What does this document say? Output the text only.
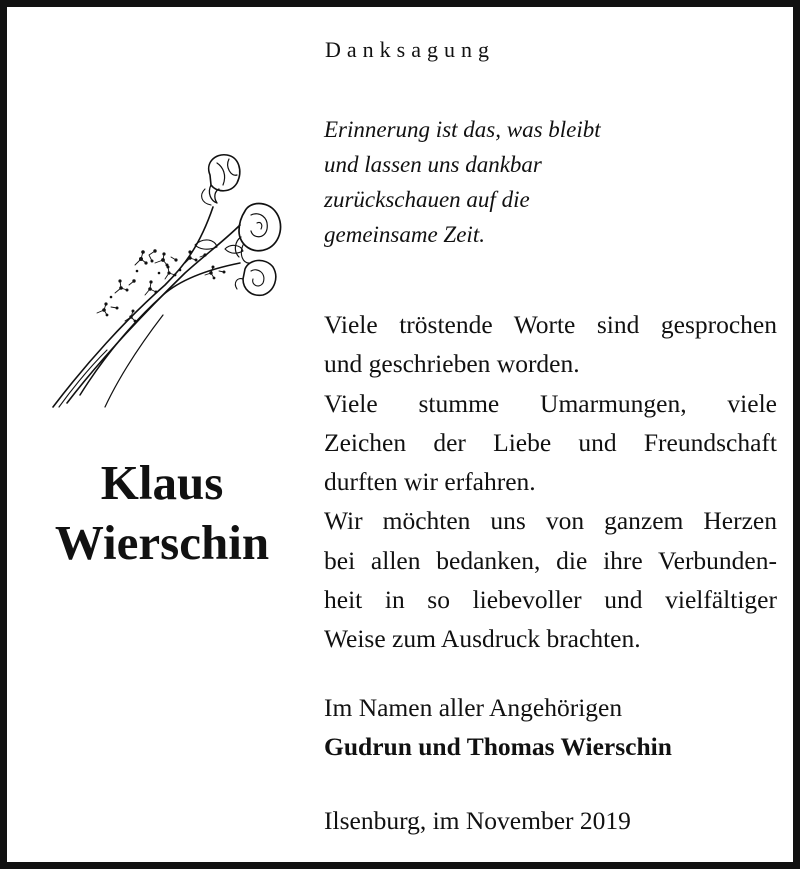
Klaus
Wierschin
Danksagung
Erinnerung ist das, was bleibt
und lassen uns dankbar
zurückschauen auf die
gemeinsame Zeit.
Viele tröstende Worte sind gesprochen
und geschrieben worden.
Viele stumme Umarmungen, viele
Zeichen der Liebe und Freundschaft
durften wir erfahren.
Wir möchten uns von ganzem Herzen
bei allen bedanken, die ihre Verbunden-
heit in so liebevoller und vielfältiger
Weise zum Ausdruck brachten.
Im Namen aller Angehörigen
Gudrun und Thomas Wierschin
Ilsenburg, im November 2019
